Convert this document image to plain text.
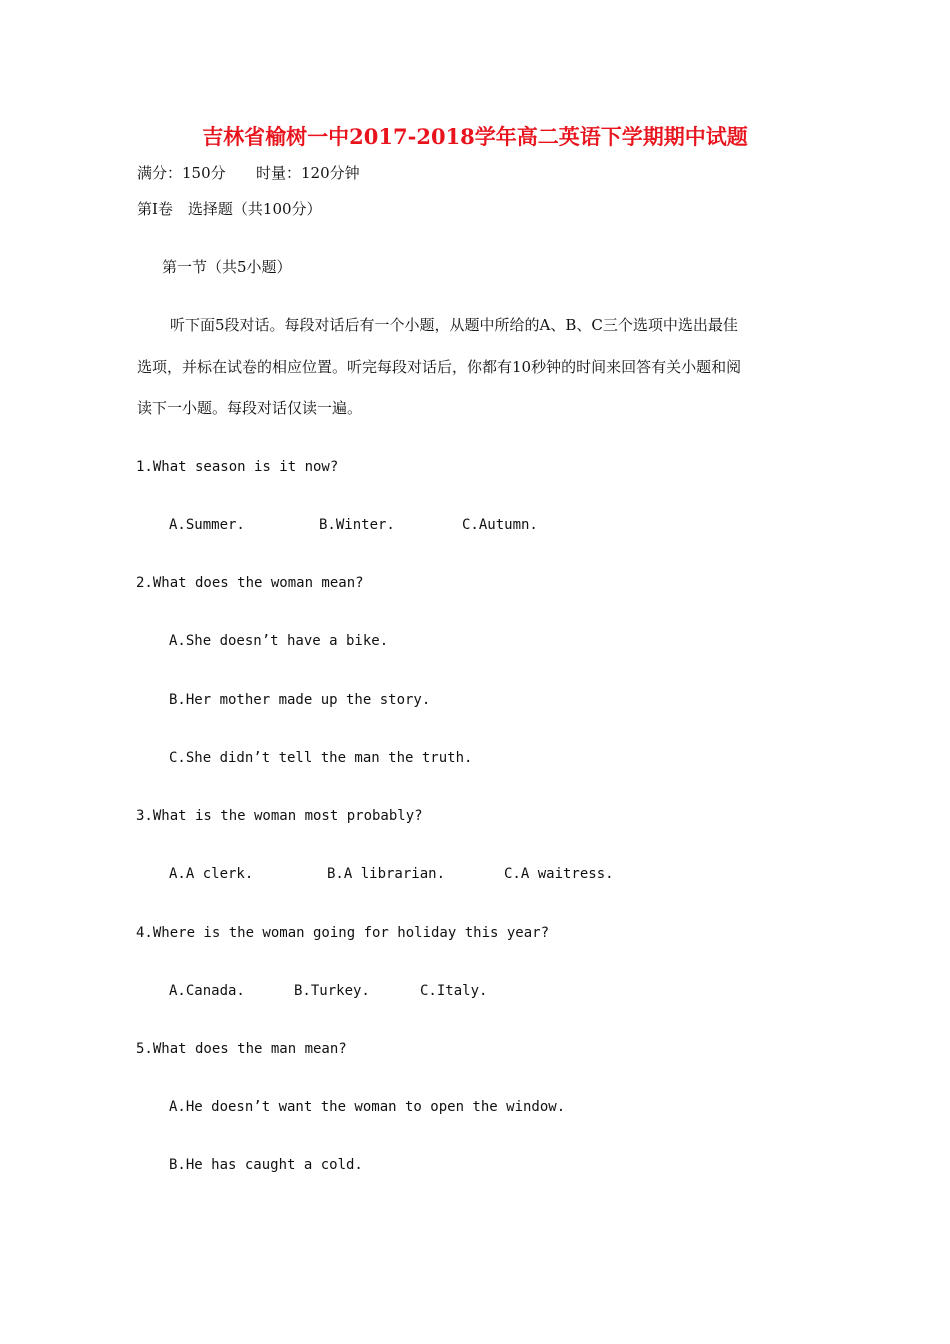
吉林省榆树一中2017-2018学年高二英语下学期期中试题
满分：150分 时量：120分钟
第Ⅰ卷　选择题（共100分）
第一节（共5小题）
听下面5段对话。每段对话后有一个小题，从题中所给的A、B、C三个选项中选出最佳
选项，并标在试卷的相应位置。听完每段对话后，你都有10秒钟的时间来回答有关小题和阅
读下一小题。每段对话仅读一遍。
1.What season is it now?
A.Summer.	B.Winter.	C.Autumn.
2.What does the woman mean?
A.She doesn’t have a bike.
B.Her mother made up the story.
C.She didn’t tell the man the truth.
3.What is the woman most probably?
A.A clerk.	B.A librarian.	C.A waitress.
4.Where is the woman going for holiday this year?
A.Canada.	B.Turkey.	C.Italy.
5.What does the man mean?
A.He doesn’t want the woman to open the window.
B.He has caught a cold.
